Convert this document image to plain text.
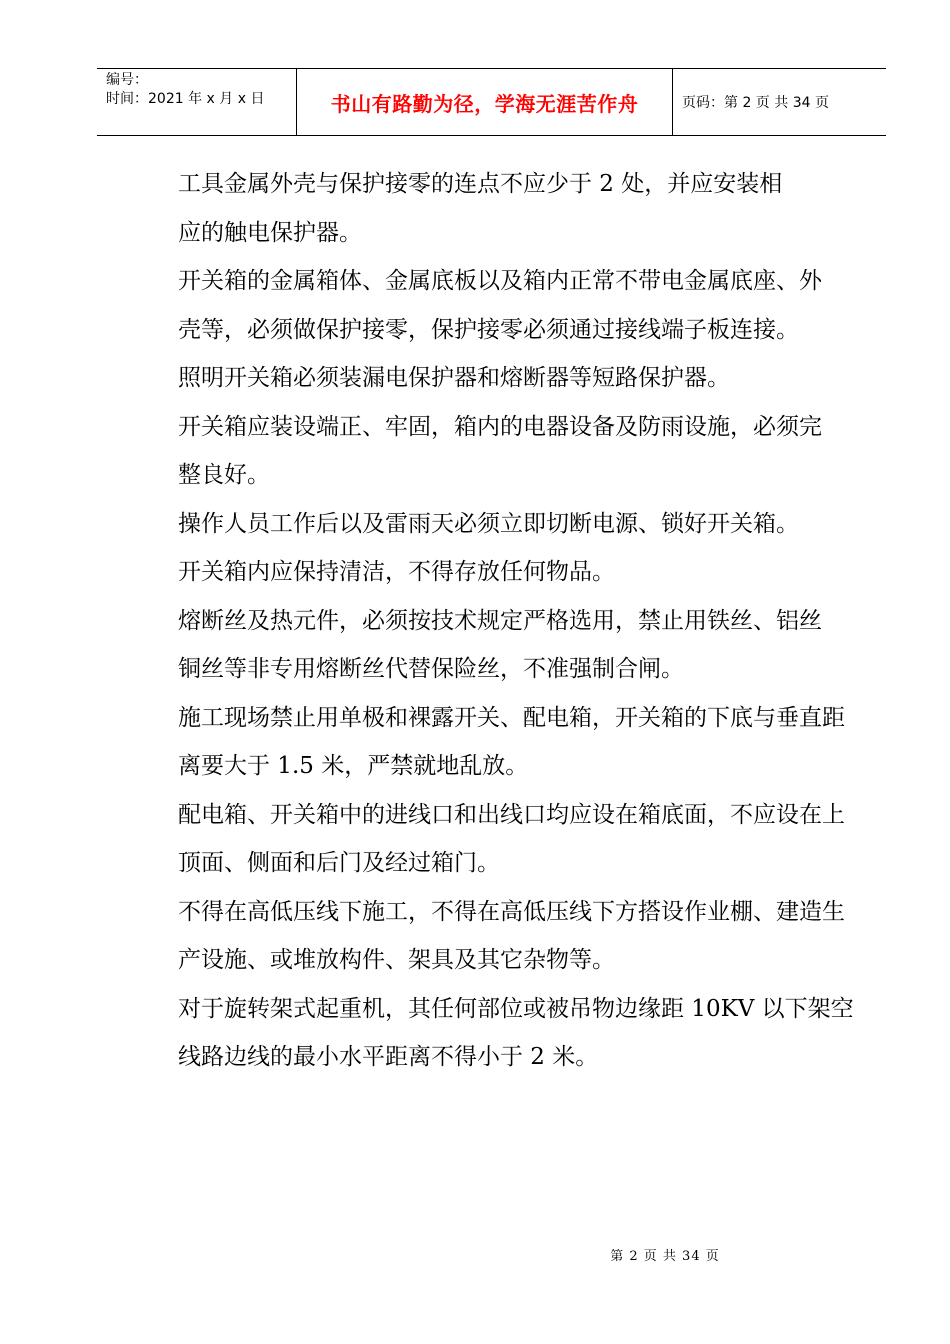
编号：
时间：2021 年 x 月 x 日	书山有路勤为径，学海无涯苦作舟	页码：第 2 页 共 34 页

工具金属外壳与保护接零的连点不应少于 2 处，并应安装相

应的触电保护器。

开关箱的金属箱体、金属底板以及箱内正常不带电金属底座、外

壳等，必须做保护接零，保护接零必须通过接线端子板连接。

照明开关箱必须装漏电保护器和熔断器等短路保护器。

开关箱应装设端正、牢固，箱内的电器设备及防雨设施，必须完

整良好。

操作人员工作后以及雷雨天必须立即切断电源、锁好开关箱。

开关箱内应保持清洁，不得存放任何物品。

熔断丝及热元件，必须按技术规定严格选用，禁止用铁丝、铝丝

铜丝等非专用熔断丝代替保险丝，不准强制合闸。

施工现场禁止用单极和裸露开关、配电箱，开关箱的下底与垂直距

离要大于 1.5 米，严禁就地乱放。

配电箱、开关箱中的进线口和出线口均应设在箱底面，不应设在上

顶面、侧面和后门及经过箱门。

不得在高低压线下施工，不得在高低压线下方搭设作业棚、建造生

产设施、或堆放构件、架具及其它杂物等。

对于旋转架式起重机，其任何部位或被吊物边缘距 10KV 以下架空

线路边线的最小水平距离不得小于 2 米。

第 2 页 共 34 页
